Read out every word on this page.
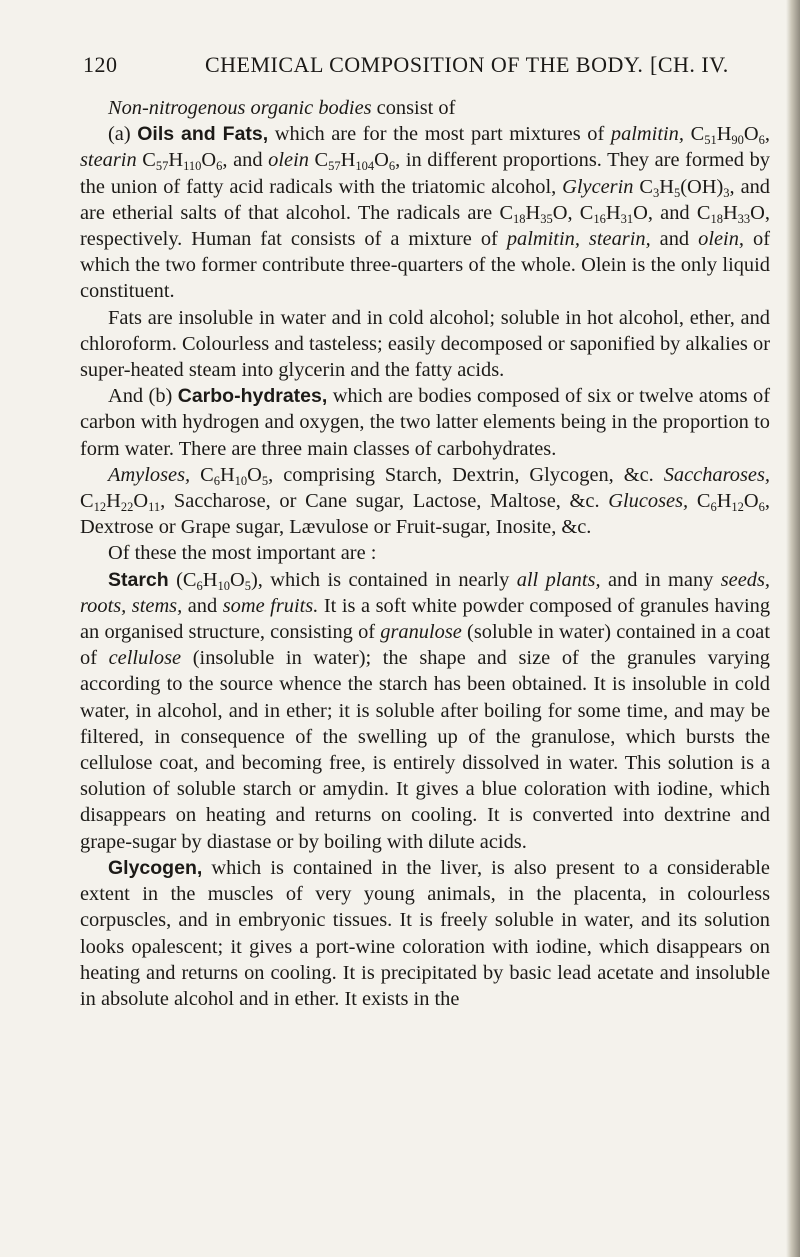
120	CHEMICAL COMPOSITION OF THE BODY. [CH. IV.

Non-nitrogenous organic bodies consist of

(a) Oils and Fats, which are for the most part mixtures of palmitin, $C_{51}H_{90}O_6$, stearin $C_{57}H_{110}O_6$, and olein $C_{57}H_{104}O_6$, in different proportions. They are formed by the union of fatty acid radicals with the triatomic alcohol, Glycerin $C_3H_5(OH)_3$, and are etherial salts of that alcohol. The radicals are $C_{18}H_{35}O$, $C_{16}H_{31}O$, and $C_{18}H_{33}O$, respectively. Human fat consists of a mixture of palmitin, stearin, and olein, of which the two former contribute three-quarters of the whole. Olein is the only liquid constituent.

Fats are insoluble in water and in cold alcohol; soluble in hot alcohol, ether, and chloroform. Colourless and tasteless; easily decomposed or saponified by alkalies or super-heated steam into glycerin and the fatty acids.

And (b) Carbo-hydrates, which are bodies composed of six or twelve atoms of carbon with hydrogen and oxygen, the two latter elements being in the proportion to form water. There are three main classes of carbohydrates.

Amyloses, $C_6H_{10}O_5$, comprising Starch, Dextrin, Glycogen, &c. Saccharoses, $C_{12}H_{22}O_{11}$, Saccharose, or Cane sugar, Lactose, Maltose, &c. Glucoses, $C_6H_{12}O_6$, Dextrose or Grape sugar, Lævulose or Fruit-sugar, Inosite, &c.

Of these the most important are :

Starch $(C_6H_{10}O_5)$, which is contained in nearly all plants, and in many seeds, roots, stems, and some fruits. It is a soft white powder composed of granules having an organised structure, consisting of granulose (soluble in water) contained in a coat of cellulose (insoluble in water); the shape and size of the granules varying according to the source whence the starch has been obtained. It is insoluble in cold water, in alcohol, and in ether; it is soluble after boiling for some time, and may be filtered, in consequence of the swelling up of the granulose, which bursts the cellulose coat, and becoming free, is entirely dissolved in water. This solution is a solution of soluble starch or amydin. It gives a blue coloration with iodine, which disappears on heating and returns on cooling. It is converted into dextrine and grape-sugar by diastase or by boiling with dilute acids.

Glycogen, which is contained in the liver, is also present to a considerable extent in the muscles of very young animals, in the placenta, in colourless corpuscles, and in embryonic tissues. It is freely soluble in water, and its solution looks opalescent; it gives a port-wine coloration with iodine, which disappears on heating and returns on cooling. It is precipitated by basic lead acetate and insoluble in absolute alcohol and in ether. It exists in the
